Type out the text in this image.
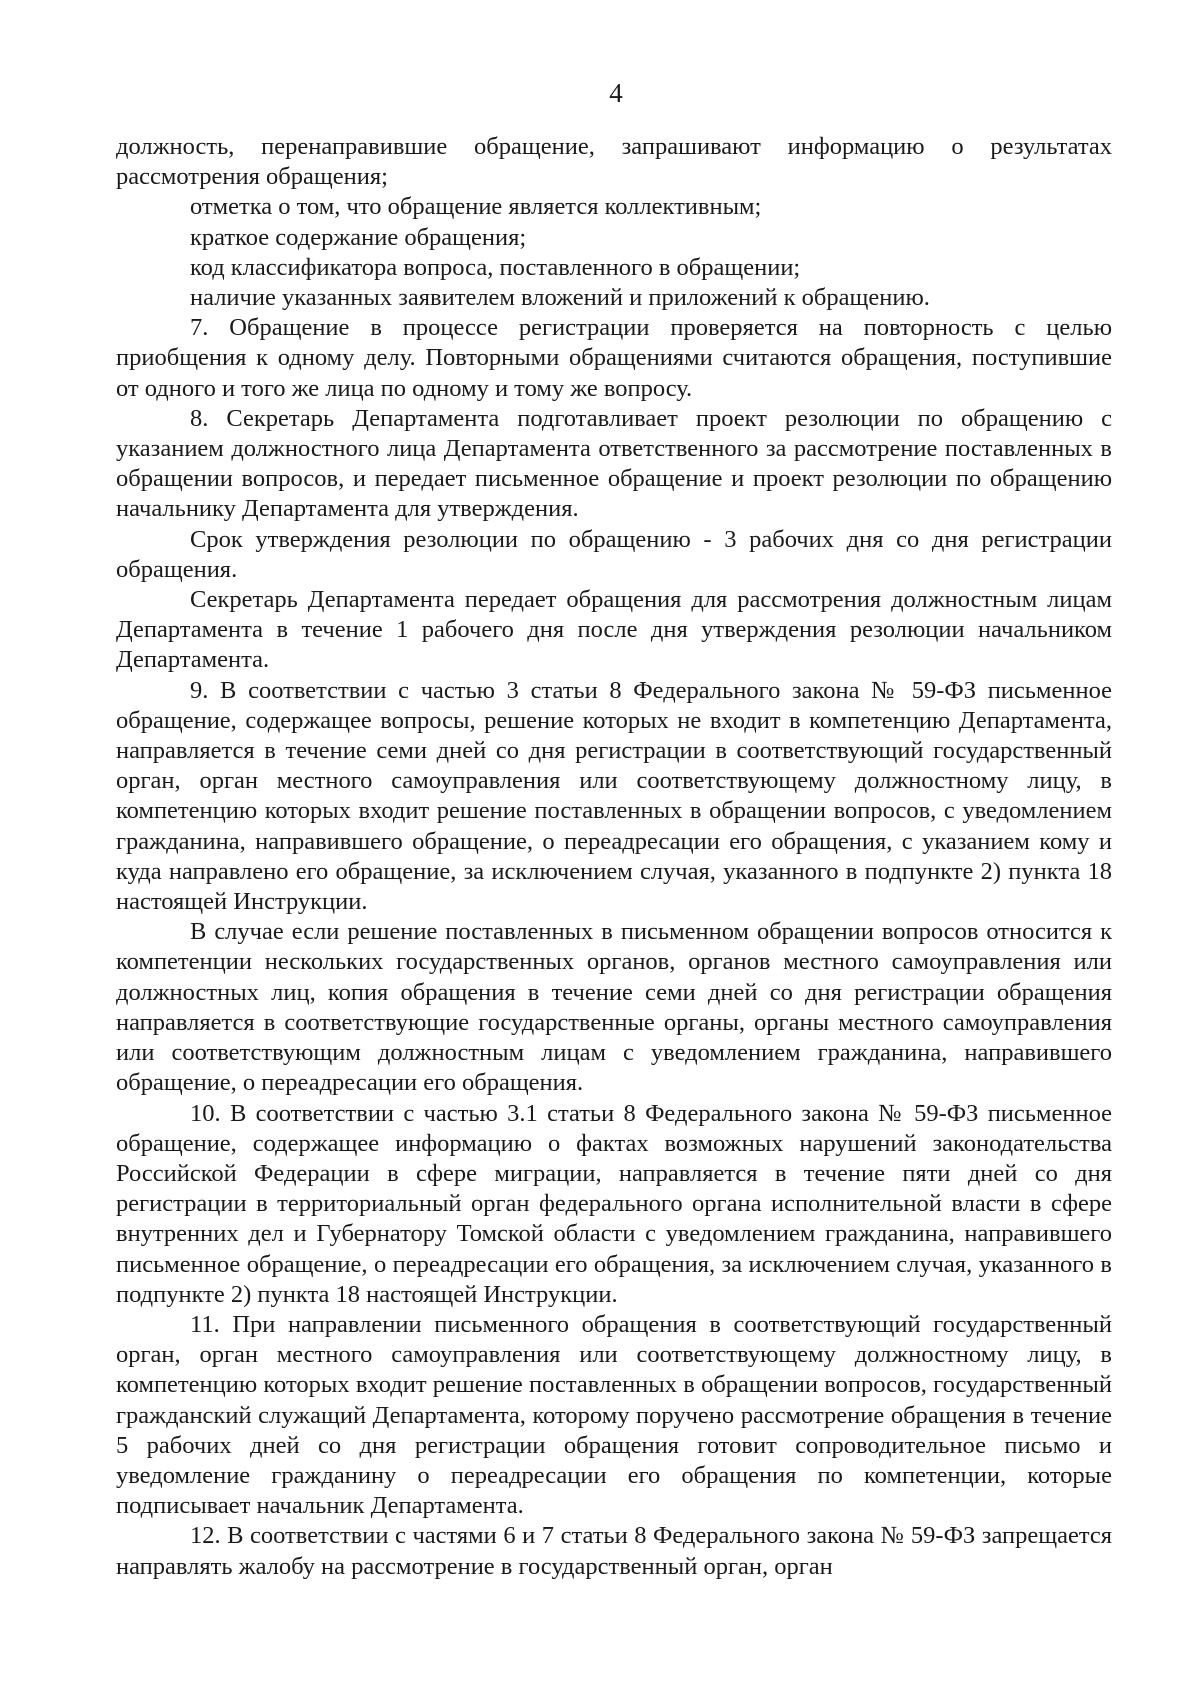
4

должность, перенаправившие обращение, запрашивают информацию о результатах рассмотрения обращения;

отметка о том, что обращение является коллективным;

краткое содержание обращения;

код классификатора вопроса, поставленного в обращении;

наличие указанных заявителем вложений и приложений к обращению.

7. Обращение в процессе регистрации проверяется на повторность с целью приобщения к одному делу. Повторными обращениями считаются обращения, поступившие от одного и того же лица по одному и тому же вопросу.

8. Секретарь Департамента подготавливает проект резолюции по обращению с указанием должностного лица Департамента ответственного за рассмотрение поставленных в обращении вопросов, и передает письменное обращение и проект резолюции по обращению начальнику Департамента для утверждения.

Срок утверждения резолюции по обращению - 3 рабочих дня со дня регистрации обращения.

Секретарь Департамента передает обращения для рассмотрения должностным лицам Департамента в течение 1 рабочего дня после дня утверждения резолюции начальником Департамента.

9. В соответствии с частью 3 статьи 8 Федерального закона № 59-ФЗ письменное обращение, содержащее вопросы, решение которых не входит в компетенцию Департамента, направляется в течение семи дней со дня регистрации в соответствующий государственный орган, орган местного самоуправления или соответствующему должностному лицу, в компетенцию которых входит решение поставленных в обращении вопросов, с уведомлением гражданина, направившего обращение, о переадресации его обращения, с указанием кому и куда направлено его обращение, за исключением случая, указанного в подпункте 2) пункта 18 настоящей Инструкции.

В случае если решение поставленных в письменном обращении вопросов относится к компетенции нескольких государственных органов, органов местного самоуправления или должностных лиц, копия обращения в течение семи дней со дня регистрации обращения направляется в соответствующие государственные органы, органы местного самоуправления или соответствующим должностным лицам с уведомлением гражданина, направившего обращение, о переадресации его обращения.

10. В соответствии с частью 3.1 статьи 8 Федерального закона № 59-ФЗ письменное обращение, содержащее информацию о фактах возможных нарушений законодательства Российской Федерации в сфере миграции, направляется в течение пяти дней со дня регистрации в территориальный орган федерального органа исполнительной власти в сфере внутренних дел и Губернатору Томской области с уведомлением гражданина, направившего письменное обращение, о переадресации его обращения, за исключением случая, указанного в подпункте 2) пункта 18 настоящей Инструкции.

11. При направлении письменного обращения в соответствующий государственный орган, орган местного самоуправления или соответствующему должностному лицу, в компетенцию которых входит решение поставленных в обращении вопросов, государственный гражданский служащий Департамента, которому поручено рассмотрение обращения в течение 5 рабочих дней со дня регистрации обращения готовит сопроводительное письмо и уведомление гражданину о переадресации его обращения по компетенции, которые подписывает начальник Департамента.

12. В соответствии с частями 6 и 7 статьи 8 Федерального закона № 59-ФЗ запрещается направлять жалобу на рассмотрение в государственный орган, орган
